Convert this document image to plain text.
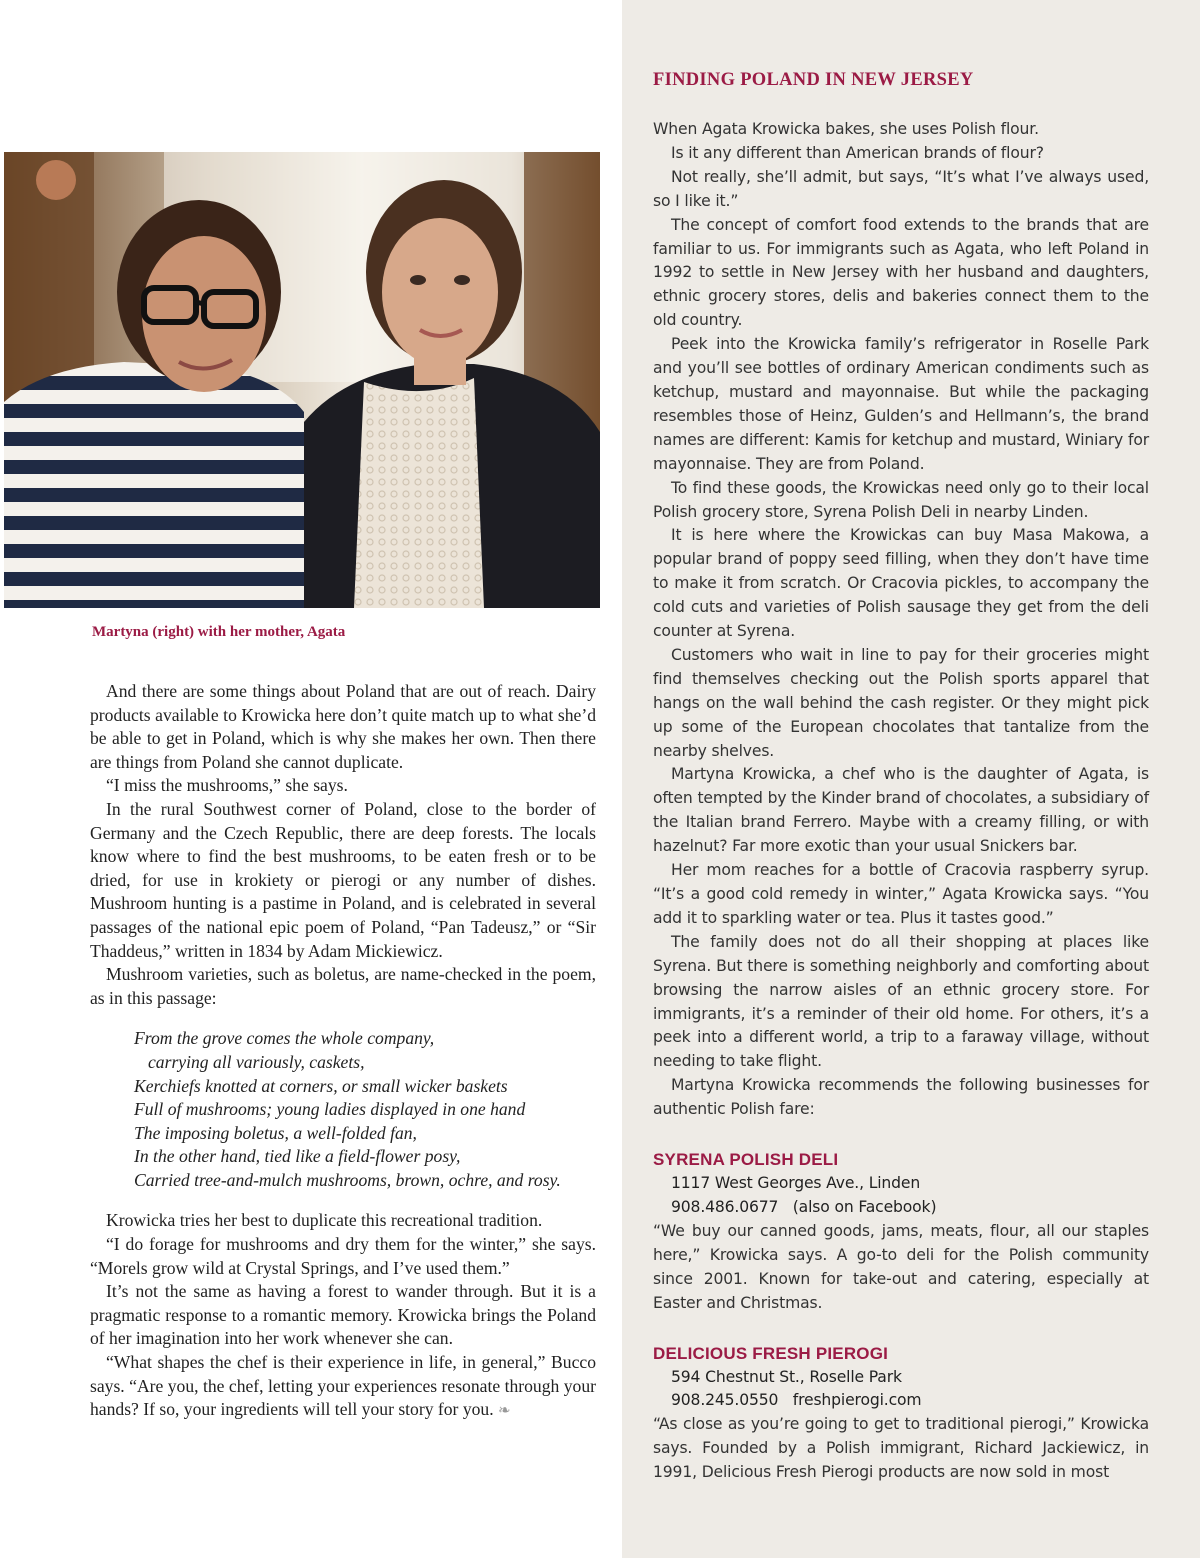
Martyna (right) with her mother, Agata

And there are some things about Poland that are out of reach. Dairy products available to Krowicka here don’t quite match up to what she’d be able to get in Poland, which is why she makes her own. Then there are things from Poland she cannot duplicate.

“I miss the mushrooms,” she says.

In the rural Southwest corner of Poland, close to the border of Germany and the Czech Republic, there are deep forests. The locals know where to find the best mushrooms, to be eaten fresh or to be dried, for use in krokiety or pierogi or any number of dishes. Mushroom hunting is a pastime in Poland, and is celebrated in several passages of the national epic poem of Poland, “Pan Tadeusz,” or “Sir Thaddeus,” written in 1834 by Adam Mickiewicz.

Mushroom varieties, such as boletus, are name-checked in the poem, as in this passage:

From the grove comes the whole company,
carrying all variously, caskets,
Kerchiefs knotted at corners, or small wicker baskets
Full of mushrooms; young ladies displayed in one hand
The imposing boletus, a well-folded fan,
In the other hand, tied like a field-flower posy,
Carried tree-and-mulch mushrooms, brown, ochre, and rosy.

Krowicka tries her best to duplicate this recreational tradition.

“I do forage for mushrooms and dry them for the winter,” she says. “Morels grow wild at Crystal Springs, and I’ve used them.”

It’s not the same as having a forest to wander through. But it is a pragmatic response to a romantic memory. Krowicka brings the Poland of her imagination into her work whenever she can.

“What shapes the chef is their experience in life, in general,” Bucco says. “Are you, the chef, letting your experiences resonate through your hands? If so, your ingredients will tell your story for you. ❧

FINDING POLAND IN NEW JERSEY

When Agata Krowicka bakes, she uses Polish flour.

Is it any different than American brands of flour?

Not really, she’ll admit, but says, “It’s what I’ve always used, so I like it.”

The concept of comfort food extends to the brands that are familiar to us. For immigrants such as Agata, who left Poland in 1992 to settle in New Jersey with her husband and daughters, ethnic grocery stores, delis and bakeries connect them to the old country.

Peek into the Krowicka family’s refrigerator in Roselle Park and you’ll see bottles of ordinary American condiments such as ketchup, mustard and mayonnaise. But while the packaging resembles those of Heinz, Gulden’s and Hellmann’s, the brand names are different: Kamis for ketchup and mustard, Winiary for mayonnaise. They are from Poland.

To find these goods, the Krowickas need only go to their local Polish grocery store, Syrena Polish Deli in nearby Linden.

It is here where the Krowickas can buy Masa Makowa, a popular brand of poppy seed filling, when they don’t have time to make it from scratch. Or Cracovia pickles, to accompany the cold cuts and varieties of Polish sausage they get from the deli counter at Syrena.

Customers who wait in line to pay for their groceries might find themselves checking out the Polish sports apparel that hangs on the wall behind the cash register. Or they might pick up some of the European chocolates that tantalize from the nearby shelves.

Martyna Krowicka, a chef who is the daughter of Agata, is often tempted by the Kinder brand of chocolates, a subsidiary of the Italian brand Ferrero. Maybe with a creamy filling, or with hazelnut? Far more exotic than your usual Snickers bar.

Her mom reaches for a bottle of Cracovia raspberry syrup. “It’s a good cold remedy in winter,” Agata Krowicka says. “You add it to sparkling water or tea. Plus it tastes good.”

The family does not do all their shopping at places like Syrena. But there is something neighborly and comforting about browsing the narrow aisles of an ethnic grocery store. For immigrants, it’s a reminder of their old home. For others, it’s a peek into a different world, a trip to a faraway village, without needing to take flight.

Martyna Krowicka recommends the following businesses for authentic Polish fare:

SYRENA POLISH DELI
1117 West Georges Ave., Linden
908.486.0677   (also on Facebook)

“We buy our canned goods, jams, meats, flour, all our staples here,” Krowicka says. A go-to deli for the Polish community since 2001. Known for take-out and catering, especially at Easter and Christmas.

DELICIOUS FRESH PIEROGI
594 Chestnut St., Roselle Park
908.245.0550   freshpierogi.com

“As close as you’re going to get to traditional pierogi,” Krowicka says. Founded by a Polish immigrant, Richard Jackiewicz, in 1991, Delicious Fresh Pierogi products are now sold in most
